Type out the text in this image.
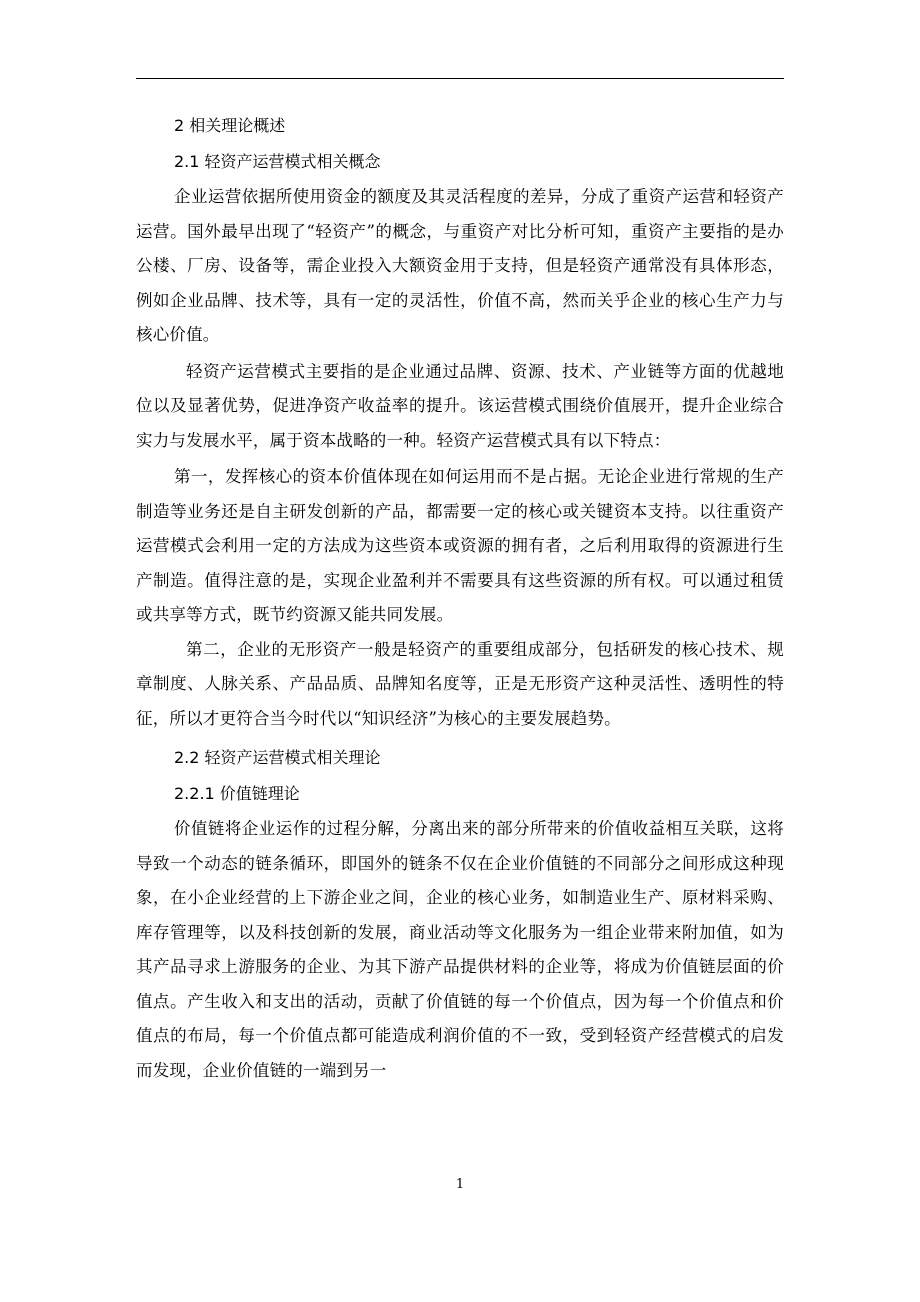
2 相关理论概述

2.1 轻资产运营模式相关概念

企业运营依据所使用资金的额度及其灵活程度的差异，分成了重资产运营和轻资产运营。国外最早出现了“轻资产”的概念，与重资产对比分析可知，重资产主要指的是办公楼、厂房、设备等，需企业投入大额资金用于支持，但是轻资产通常没有具体形态，例如企业品牌、技术等，具有一定的灵活性，价值不高，然而关乎企业的核心生产力与核心价值。

轻资产运营模式主要指的是企业通过品牌、资源、技术、产业链等方面的优越地位以及显著优势，促进净资产收益率的提升。该运营模式围绕价值展开，提升企业综合实力与发展水平，属于资本战略的一种。轻资产运营模式具有以下特点：

第一，发挥核心的资本价值体现在如何运用而不是占据。无论企业进行常规的生产制造等业务还是自主研发创新的产品，都需要一定的核心或关键资本支持。以往重资产运营模式会利用一定的方法成为这些资本或资源的拥有者，之后利用取得的资源进行生产制造。值得注意的是，实现企业盈利并不需要具有这些资源的所有权。可以通过租赁或共享等方式，既节约资源又能共同发展。

第二，企业的无形资产一般是轻资产的重要组成部分，包括研发的核心技术、规章制度、人脉关系、产品品质、品牌知名度等，正是无形资产这种灵活性、透明性的特征，所以才更符合当今时代以“知识经济”为核心的主要发展趋势。

2.2 轻资产运营模式相关理论

2.2.1 价值链理论

价值链将企业运作的过程分解，分离出来的部分所带来的价值收益相互关联，这将导致一个动态的链条循环，即国外的链条不仅在企业价值链的不同部分之间形成这种现象，在小企业经营的上下游企业之间，企业的核心业务，如制造业生产、原材料采购、库存管理等，以及科技创新的发展，商业活动等文化服务为一组企业带来附加值，如为其产品寻求上游服务的企业、为其下游产品提供材料的企业等，将成为价值链层面的价值点。产生收入和支出的活动，贡献了价值链的每一个价值点，因为每一个价值点和价值点的布局，每一个价值点都可能造成利润价值的不一致，受到轻资产经营模式的启发而发现，企业价值链的一端到另一

1
